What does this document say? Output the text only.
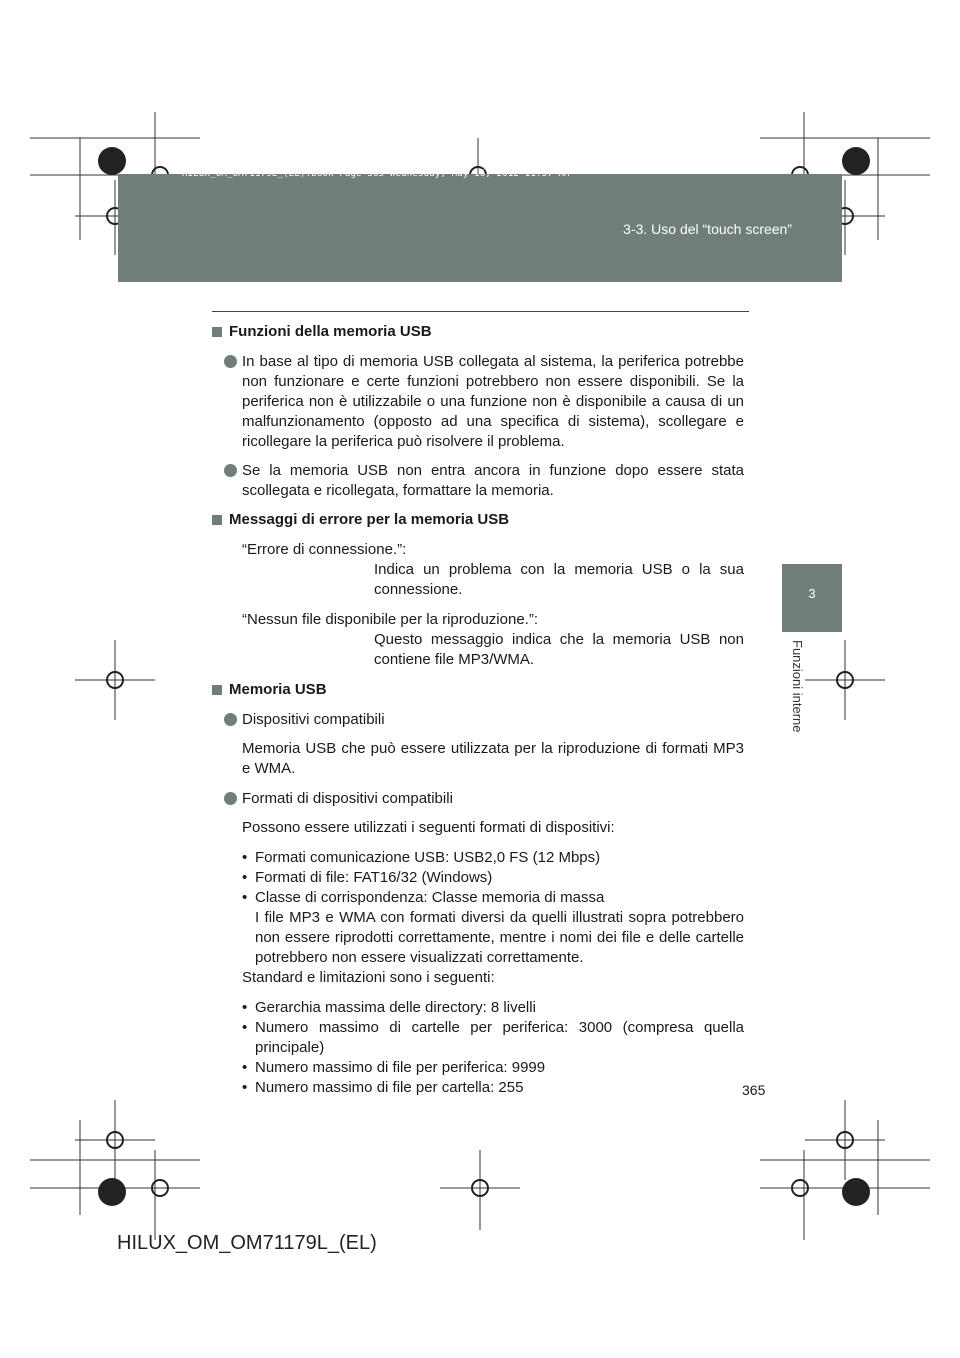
HILUX_OM_OM71179L_(EL).book Page 365 Wednesday, May 16, 2012 11:37 AM
3-3. Uso del “touch screen”
3
Funzioni interne
Funzioni della memoria USB
In base al tipo di memoria USB collegata al sistema, la periferica potrebbe non funzionare e certe funzioni potrebbero non essere disponibili. Se la periferica non è utilizzabile o una funzione non è disponibile a causa di un malfunzionamento (opposto ad una specifica di sistema), scollegare e ricollegare la periferica può risolvere il problema.
Se la memoria USB non entra ancora in funzione dopo essere stata scollegata e ricollegata, formattare la memoria.
Messaggi di errore per la memoria USB
“Errore di connessione.”:
Indica un problema con la memoria USB o la sua connessione.
“Nessun file disponibile per la riproduzione.”:
Questo messaggio indica che la memoria USB non contiene file MP3/WMA.
Memoria USB
Dispositivi compatibili
Memoria USB che può essere utilizzata per la riproduzione di formati MP3 e WMA.
Formati di dispositivi compatibili
Possono essere utilizzati i seguenti formati di dispositivi:
• Formati comunicazione USB: USB2,0 FS (12 Mbps)
• Formati di file: FAT16/32 (Windows)
• Classe di corrispondenza: Classe memoria di massa
I file MP3 e WMA con formati diversi da quelli illustrati sopra potrebbero non essere riprodotti correttamente, mentre i nomi dei file e delle cartelle potrebbero non essere visualizzati correttamente.
Standard e limitazioni sono i seguenti:
• Gerarchia massima delle directory: 8 livelli
• Numero massimo di cartelle per periferica: 3000 (compresa quella principale)
• Numero massimo di file per periferica: 9999
• Numero massimo di file per cartella: 255	365
HILUX_OM_OM71179L_(EL)
